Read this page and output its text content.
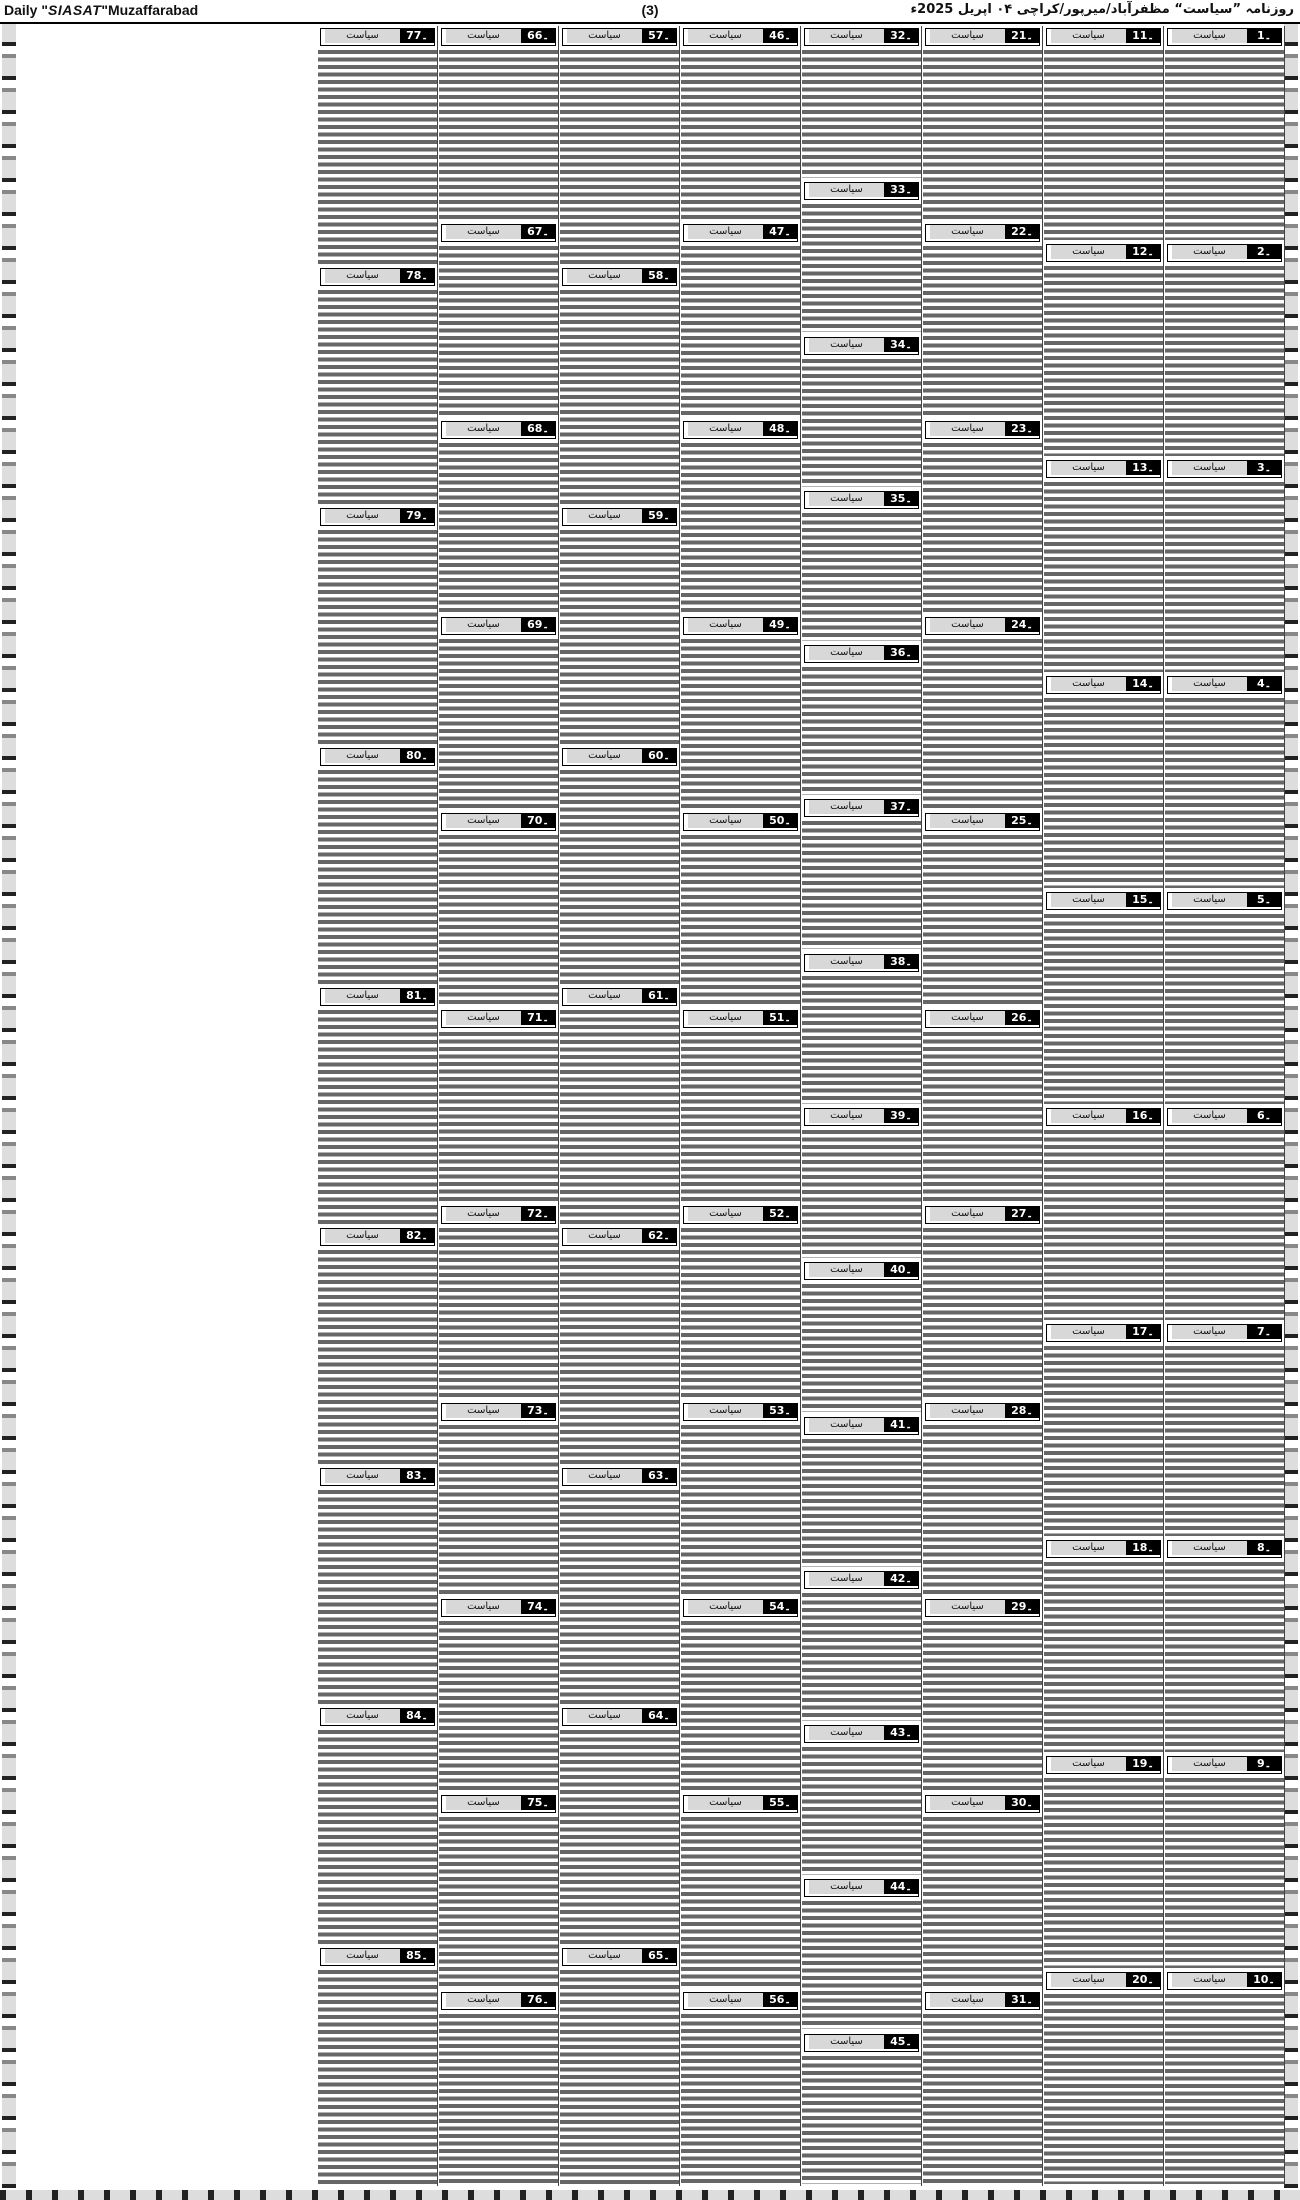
Daily "SIASAT"Muzaffarabad	(3)	روزنامہ ”سیاست“ مظفرآباد/میرپور/کراچی ۰۴ اپریل 2025ء
سیاست	1۔
سیاست	2۔
سیاست	3۔
سیاست	4۔
سیاست	5۔
سیاست	6۔
سیاست	7۔
سیاست	8۔
سیاست	9۔
سیاست	10۔
سیاست	11۔
سیاست	12۔
سیاست	13۔
سیاست	14۔
سیاست	15۔
سیاست	16۔
سیاست	17۔
سیاست	18۔
سیاست	19۔
سیاست	20۔
سیاست	21۔
سیاست	22۔
سیاست	23۔
سیاست	24۔
سیاست	25۔
سیاست	26۔
سیاست	27۔
سیاست	28۔
سیاست	29۔
سیاست	30۔
سیاست	31۔
سیاست	32۔
سیاست	33۔
سیاست	34۔
سیاست	35۔
سیاست	36۔
سیاست	37۔
سیاست	38۔
سیاست	39۔
سیاست	40۔
سیاست	41۔
سیاست	42۔
سیاست	43۔
سیاست	44۔
سیاست	45۔
سیاست	46۔
سیاست	47۔
سیاست	48۔
سیاست	49۔
سیاست	50۔
سیاست	51۔
سیاست	52۔
سیاست	53۔
سیاست	54۔
سیاست	55۔
سیاست	56۔
سیاست	57۔
سیاست	58۔
سیاست	59۔
سیاست	60۔
سیاست	61۔
سیاست	62۔
سیاست	63۔
سیاست	64۔
سیاست	65۔
سیاست	66۔
سیاست	67۔
سیاست	68۔
سیاست	69۔
سیاست	70۔
سیاست	71۔
سیاست	72۔
سیاست	73۔
سیاست	74۔
سیاست	75۔
سیاست	76۔
سیاست	77۔
سیاست	78۔
سیاست	79۔
سیاست	80۔
سیاست	81۔
سیاست	82۔
سیاست	83۔
سیاست	84۔
سیاست	85۔
